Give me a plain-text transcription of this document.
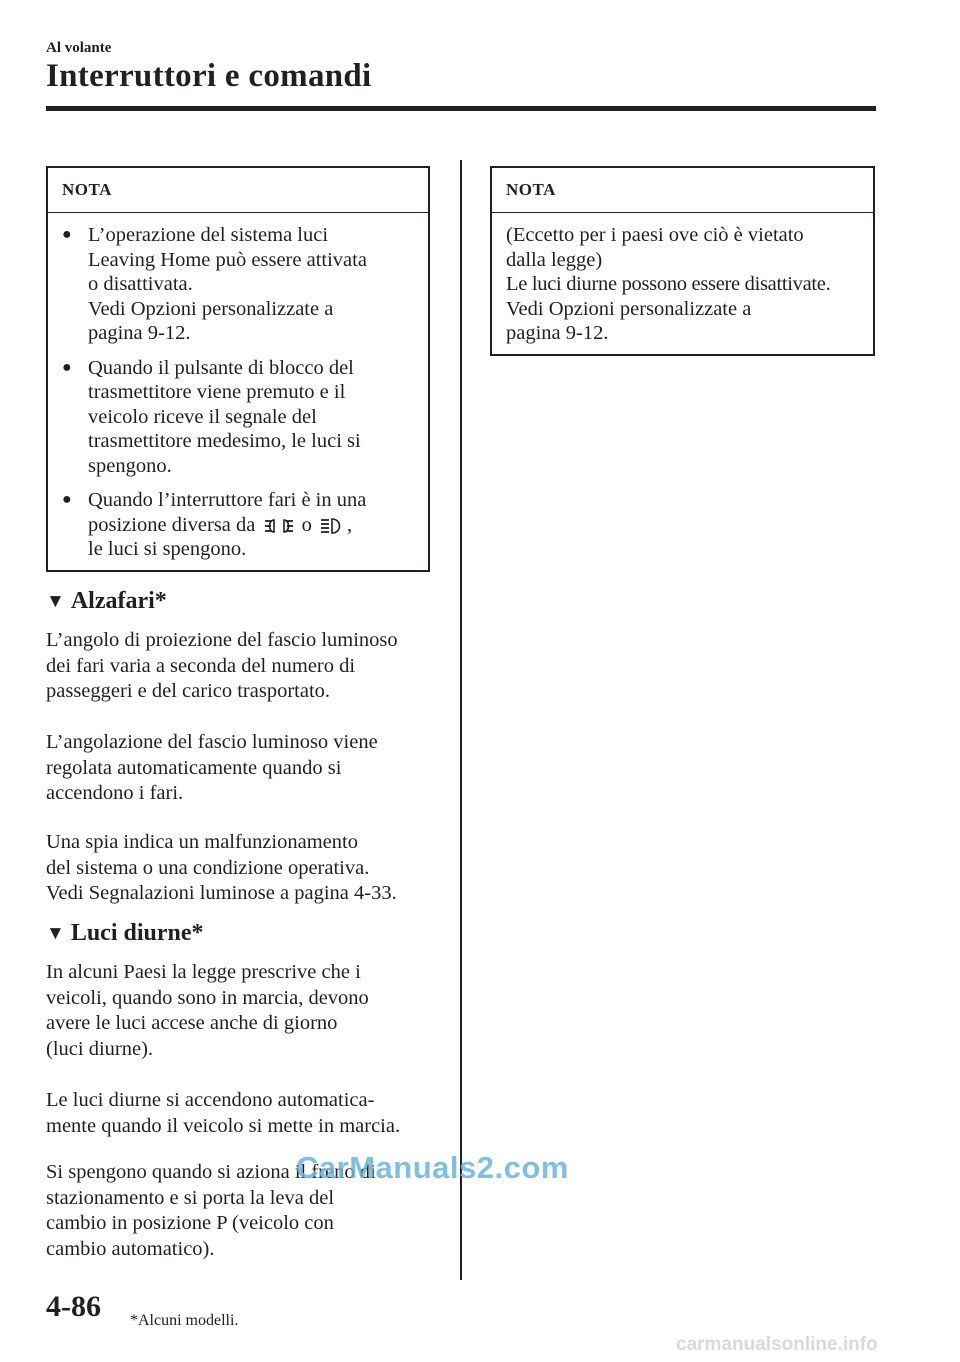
Al volante
Interruttori e comandi
NOTA
● L’operazione del sistema luci

Leaving Home può essere attivata

o disattivata.

Vedi Opzioni personalizzate a

pagina 9-12.

● Quando il pulsante di blocco del

trasmettitore viene premuto e il

veicolo riceve il segnale del

trasmettitore medesimo, le luci si

spengono.

● Quando l’interruttore fari è in una

posizione diversa da o ,

le luci si spengono.

NOTA

(Eccetto per i paesi ove ciò è vietato

dalla legge)

Le luci diurne possono essere disattivate.

Vedi Opzioni personalizzate a

pagina 9-12.

▼ Alzafari*

L’angolo di proiezione del fascio luminoso

dei fari varia a seconda del numero di

passeggeri e del carico trasportato.

L’angolazione del fascio luminoso viene

regolata automaticamente quando si

accendono i fari.

Una spia indica un malfunzionamento

del sistema o una condizione operativa.

Vedi Segnalazioni luminose a pagina 4-33.

▼ Luci diurne*

In alcuni Paesi la legge prescrive che i

veicoli, quando sono in marcia, devono

avere le luci accese anche di giorno

(luci diurne).

Le luci diurne si accendono automatica-

mente quando il veicolo si mette in marcia.

Si spengono quando si aziona il freno di

stazionamento e si porta la leva del

cambio in posizione P (veicolo con

cambio automatico).

CarManuals2.com
4-86 *Alcuni modelli.
carmanualsonline.info
